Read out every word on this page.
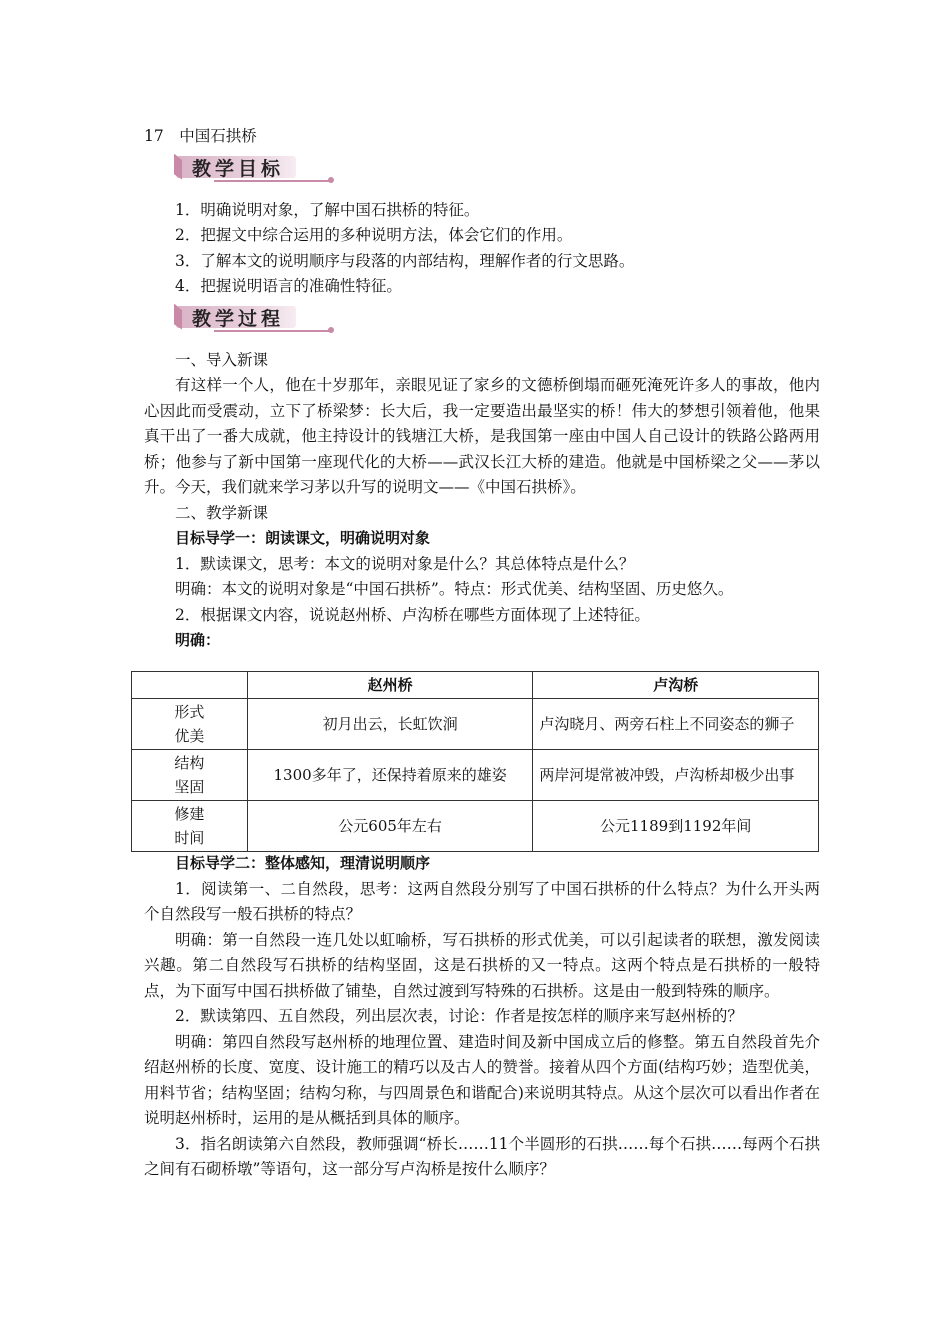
17　中国石拱桥
教学目标
1．明确说明对象，了解中国石拱桥的特征。
2．把握文中综合运用的多种说明方法，体会它们的作用。
3．了解本文的说明顺序与段落的内部结构，理解作者的行文思路。
4．把握说明语言的准确性特征。
教学过程
一、导入新课
有这样一个人，他在十岁那年，亲眼见证了家乡的文德桥倒塌而砸死淹死许多人的事故，他内心因此而受震动，立下了桥梁梦：长大后，我一定要造出最坚实的桥！伟大的梦想引领着他，他果真干出了一番大成就，他主持设计的钱塘江大桥，是我国第一座由中国人自己设计的铁路公路两用桥；他参与了新中国第一座现代化的大桥——武汉长江大桥的建造。他就是中国桥梁之父——茅以升。今天，我们就来学习茅以升写的说明文——《中国石拱桥》。
二、教学新课
目标导学一：朗读课文，明确说明对象
1．默读课文，思考：本文的说明对象是什么？其总体特点是什么？
明确：本文的说明对象是“中国石拱桥”。特点：形式优美、结构坚固、历史悠久。
2．根据课文内容，说说赵州桥、卢沟桥在哪些方面体现了上述特征。
明确：
	赵州桥	卢沟桥
形式
优美	初月出云，长虹饮涧	卢沟晓月、两旁石柱上不同姿态的狮子
结构
坚固	1300多年了，还保持着原来的雄姿	两岸河堤常被冲毁，卢沟桥却极少出事
修建
时间	公元605年左右	公元1189到1192年间
目标导学二：整体感知，理清说明顺序
1．阅读第一、二自然段，思考：这两自然段分别写了中国石拱桥的什么特点？为什么开头两个自然段写一般石拱桥的特点？
明确：第一自然段一连几处以虹喻桥，写石拱桥的形式优美，可以引起读者的联想，激发阅读兴趣。第二自然段写石拱桥的结构坚固，这是石拱桥的又一特点。这两个特点是石拱桥的一般特点，为下面写中国石拱桥做了铺垫，自然过渡到写特殊的石拱桥。这是由一般到特殊的顺序。
2．默读第四、五自然段，列出层次表，讨论：作者是按怎样的顺序来写赵州桥的？
明确：第四自然段写赵州桥的地理位置、建造时间及新中国成立后的修整。第五自然段首先介绍赵州桥的长度、宽度、设计施工的精巧以及古人的赞誉。接着从四个方面(结构巧妙；造型优美，用料节省；结构坚固；结构匀称，与四周景色和谐配合)来说明其特点。从这个层次可以看出作者在说明赵州桥时，运用的是从概括到具体的顺序。
3．指名朗读第六自然段，教师强调“桥长……11个半圆形的石拱……每个石拱……每两个石拱之间有石砌桥墩”等语句，这一部分写卢沟桥是按什么顺序？
